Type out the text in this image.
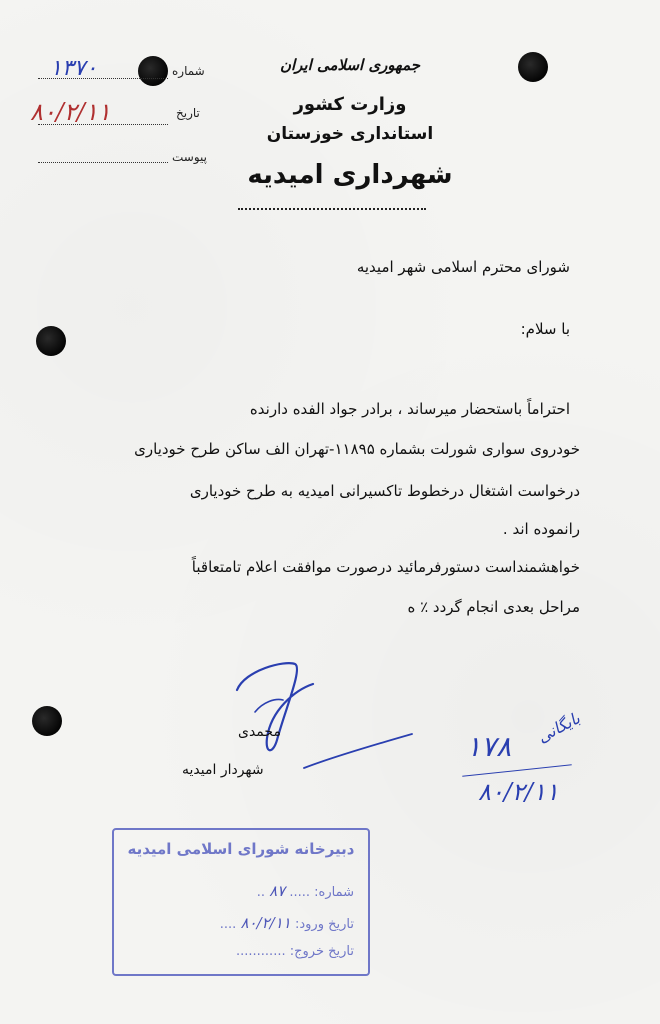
جمهوری اسلامی ایران
وزارت کشور
استانداری خوزستان
شهرداری امیدیه
شماره
۱۳۷۰
تاریخ
۸۰/۲/۱۱
پیوست
شورای محترم اسلامی شهر امیدیه
با سلام:
احتراماً باستحضار میرساند ، برادر جواد الفده دارنده
خودروی سواری شورلت بشماره ۱۱۸۹۵-تهران الف ساکن طرح خودیاری
درخواست اشتغال درخطوط تاکسیرانی امیدیه به طرح خودیاری
رانموده اند .
خواهشمنداست دستورفرمائید درصورت موافقت اعلام تامتعاقباً
مراحل بعدی انجام گردد ٪ ه
محمدی
شهردار امیدیه
بایگانی
۱۷۸
۸۰/۲/۱۱
دبیرخانه شورای اسلامی امیدیه
شماره: ..... ۸۷ ..
تاریخ ورود: ۸۰/۲/۱۱ ....
تاریخ خروج: ............
